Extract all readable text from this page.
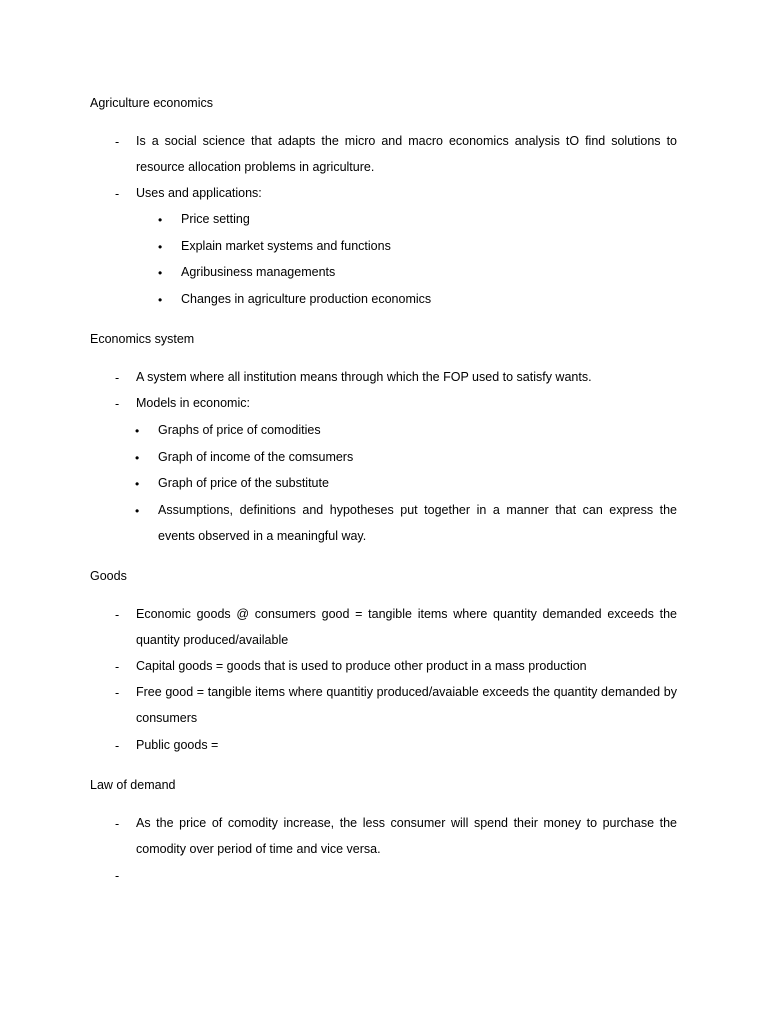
Agriculture economics
- Is a social science that adapts the micro and macro economics analysis tO find solutions to resource allocation problems in agriculture.
- Uses and applications:
• Price setting
• Explain market systems and functions
• Agribusiness managements
• Changes in agriculture production economics
Economics system
- A system where all institution means through which the FOP used to satisfy wants.
- Models in economic:
• Graphs of price of comodities
• Graph of income of the comsumers
• Graph of price of the substitute
• Assumptions, definitions and hypotheses put together in a manner that can express the events observed in a meaningful way.
Goods
- Economic goods @ consumers good = tangible items where quantity demanded exceeds the quantity produced/available
- Capital goods = goods that is used to produce other product in a mass production
- Free good = tangible items where quantitiy produced/avaiable exceeds the quantity demanded by consumers
- Public goods =
Law of demand
- As the price of comodity increase, the less consumer will spend their money to purchase the comodity over period of time and vice versa.
-
